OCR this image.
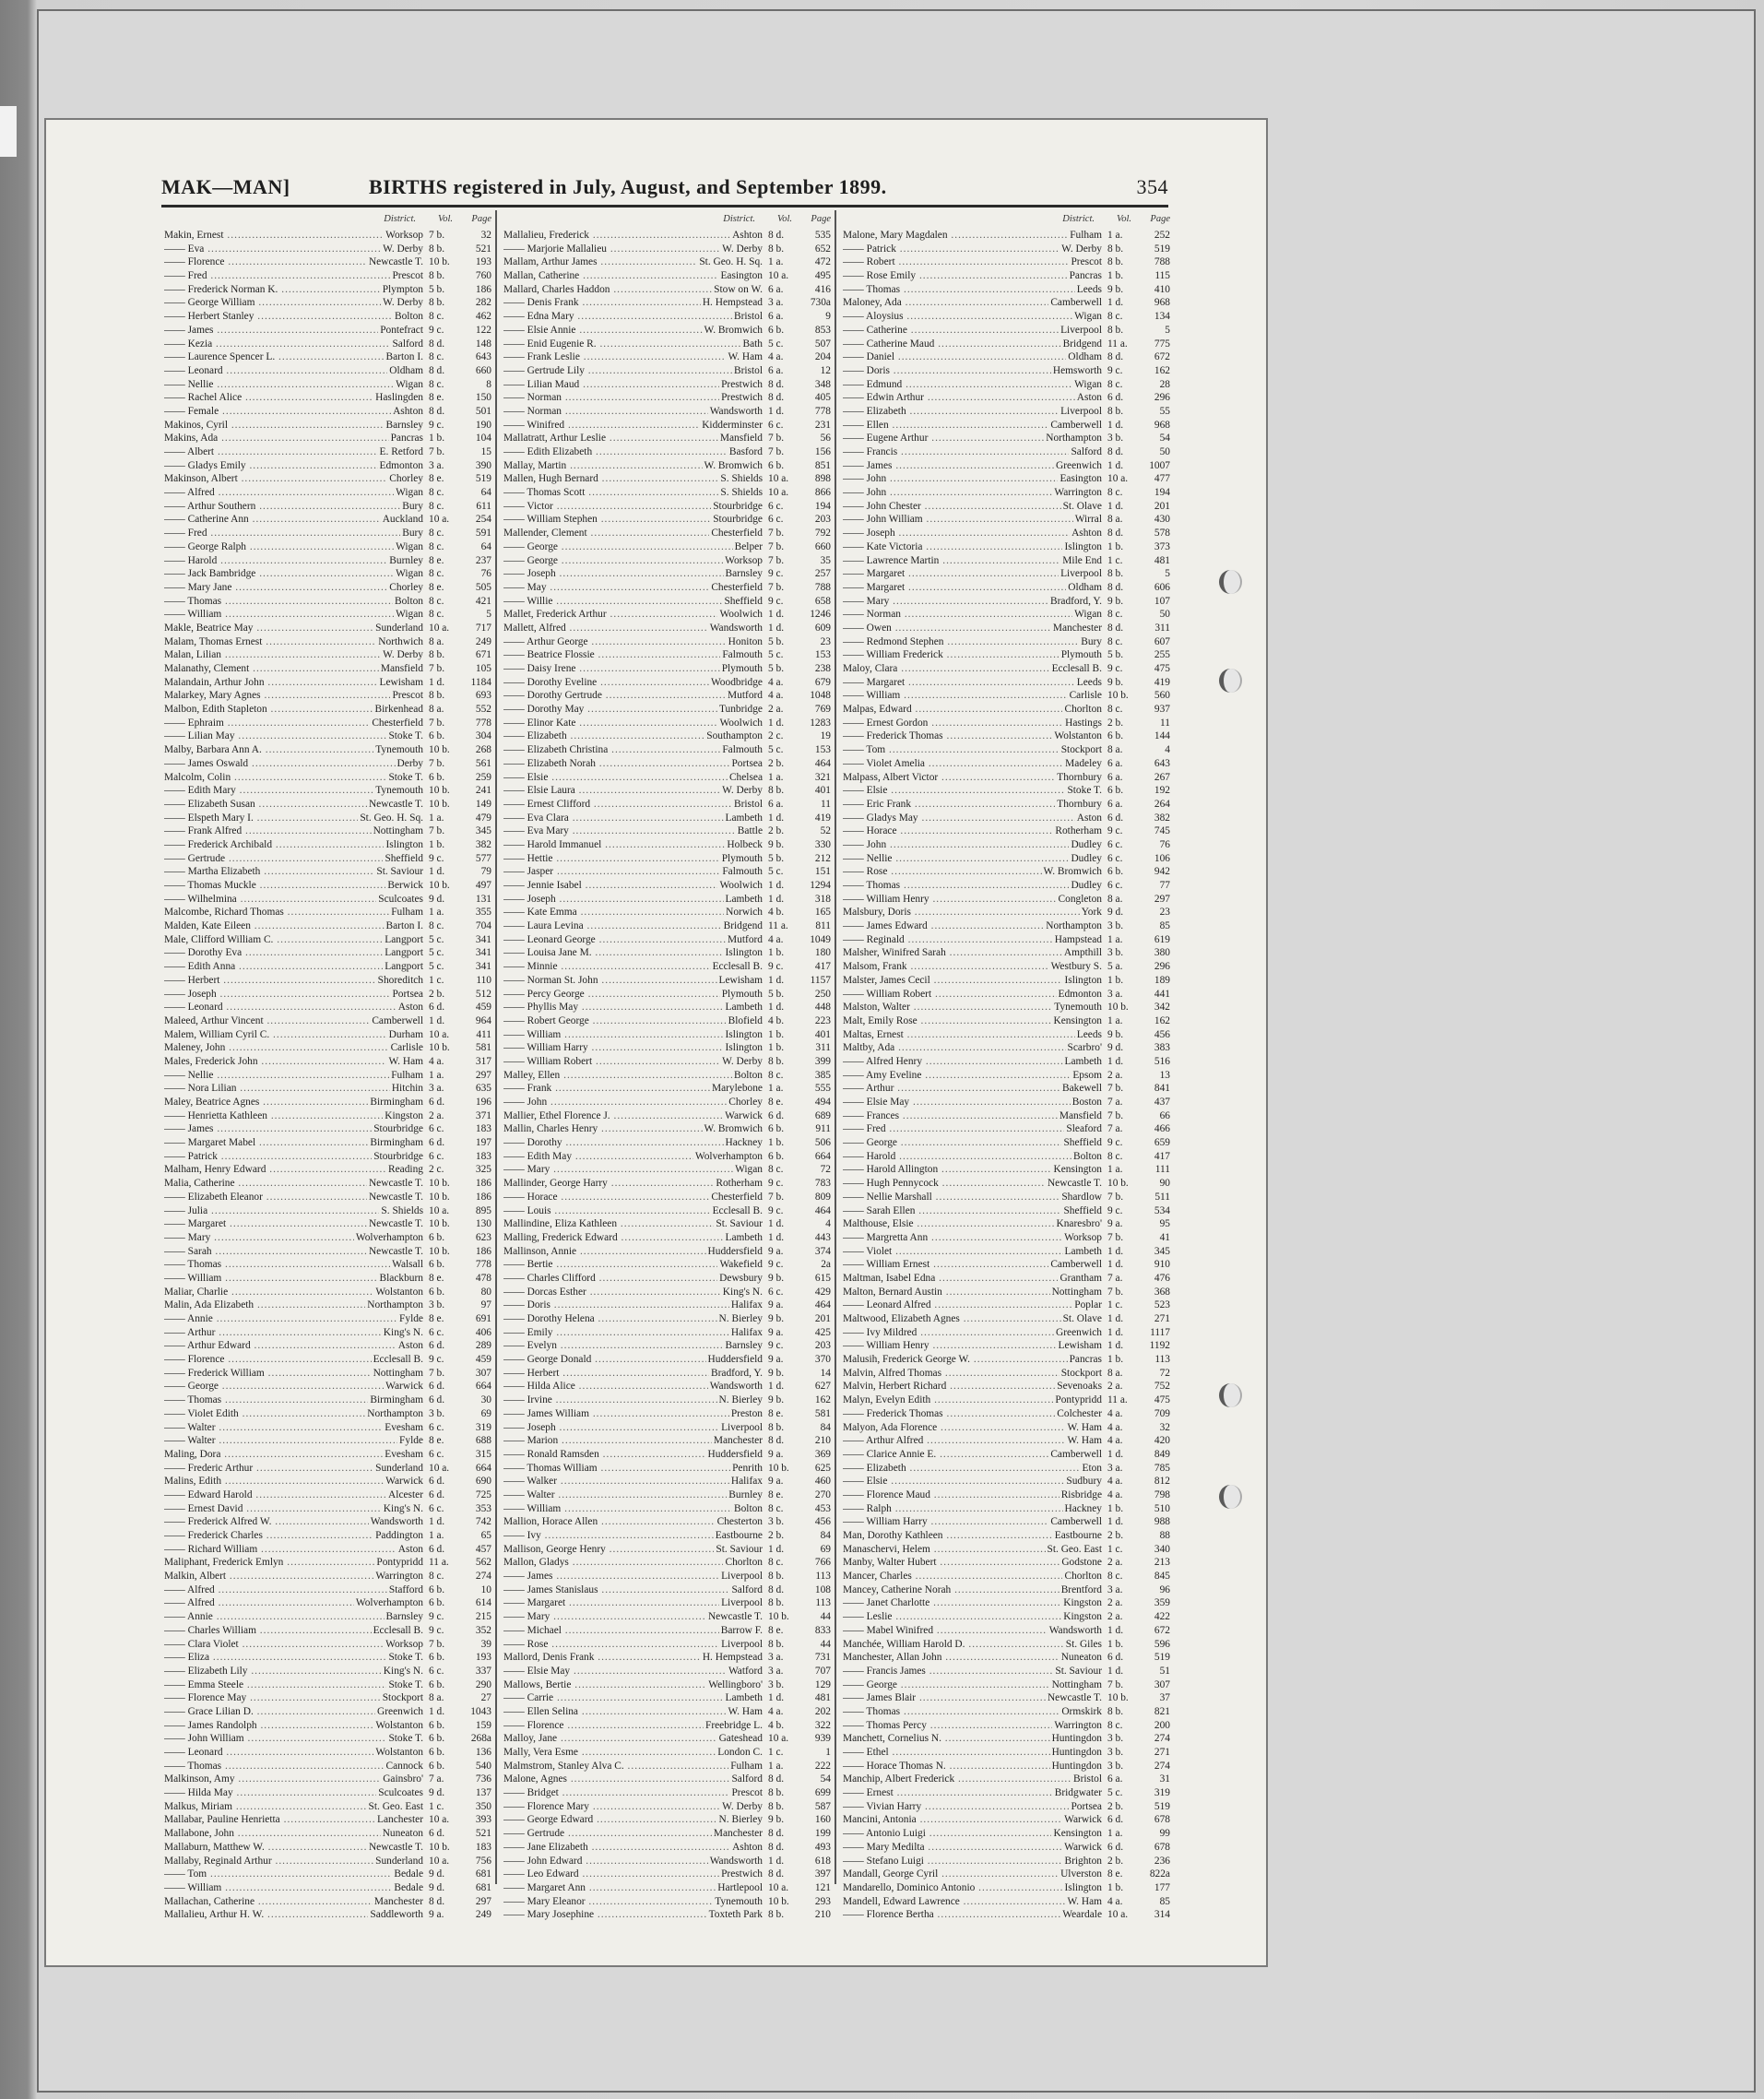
MAK—MAN]	BIRTHS registered in July, August, and September 1899.	354
District. Vol. Page
Makin, Ernest .....	Worksop 7 b.	32
—— Eva .....	W. Derby 8 b.	521
—— Florence .....	Newcastle T. 10 b.	193
—— Fred .....	Prescot 8 b.	760
—— Frederick Norman K. .....	Plympton 5 b.	186
—— George William .....	W. Derby 8 b.	282
—— Herbert Stanley .....	Bolton 8 c.	462
—— James .....	Pontefract 9 c.	122
—— Kezia .....	Salford 8 d.	148
—— Laurence Spencer L. .....	Barton I. 8 c.	643
—— Leonard .....	Oldham 8 d.	660
—— Nellie .....	Wigan 8 c.	8
—— Rachel Alice .....	Haslingden 8 e.	150
—— Female .....	Ashton 8 d.	501
Makinos, Cyril .....	Barnsley 9 c.	190
Makins, Ada .....	Pancras 1 b.	104
—— Albert .....	E. Retford 7 b.	15
—— Gladys Emily .....	Edmonton 3 a.	390
Makinson, Albert .....	Chorley 8 e.	519
—— Alfred .....	Wigan 8 c.	64
—— Arthur Southern .....	Bury 8 c.	611
—— Catherine Ann .....	Auckland 10 a.	254
—— Fred .....	Bury 8 c.	591
—— George Ralph .....	Wigan 8 c.	64
—— Harold .....	Burnley 8 e.	237
—— Jack Bambridge .....	Wigan 8 c.	76
—— Mary Jane .....	Chorley 8 e.	505
—— Thomas .....	Bolton 8 c.	421
—— William .....	Wigan 8 c.	5
Makle, Beatrice May .....	Sunderland 10 a.	717
Malam, Thomas Ernest .....	Northwich 8 a.	249
Malan, Lilian .....	W. Derby 8 b.	671
Malanathy, Clement .....	Mansfield 7 b.	105
Malandain, Arthur John .....	Lewisham 1 d.	1184
Malarkey, Mary Agnes .....	Prescot 8 b.	693
Malbon, Edith Stapleton .....	Birkenhead 8 a.	552
—— Ephraim .....	Chesterfield 7 b.	778
—— Lilian May .....	Stoke T. 6 b.	304
Malby, Barbara Ann A. .....	Tynemouth 10 b.	268
—— James Oswald .....	Derby 7 b.	561
Malcolm, Colin .....	Stoke T. 6 b.	259
—— Edith Mary .....	Tynemouth 10 b.	241
—— Elizabeth Susan .....	Newcastle T. 10 b.	149
—— Elspeth Mary I. .....	St. Geo. H. Sq. 1 a.	479
—— Frank Alfred .....	Nottingham 7 b.	345
—— Frederick Archibald .....	Islington 1 b.	382
—— Gertrude .....	Sheffield 9 c.	577
—— Martha Elizabeth .....	St. Saviour 1 d.	79
—— Thomas Muckle .....	Berwick 10 b.	497
—— Wilhelmina .....	Sculcoates 9 d.	131
Malcombe, Richard Thomas .....	Fulham 1 a.	355
Malden, Kate Eileen .....	Barton I. 8 c.	704
Male, Clifford William C. .....	Langport 5 c.	341
—— Dorothy Eva .....	Langport 5 c.	341
—— Edith Anna .....	Langport 5 c.	341
—— Herbert .....	Shoreditch 1 c.	110
—— Joseph .....	Portsea 2 b.	512
—— Leonard .....	Aston 6 d.	459
Maleed, Arthur Vincent .....	Camberwell 1 d.	964
Malem, William Cyril C. .....	Durham 10 a.	411
Maleney, John .....	Carlisle 10 b.	581
Males, Frederick John .....	W. Ham 4 a.	317
—— Nellie .....	Fulham 1 a.	297
—— Nora Lilian .....	Hitchin 3 a.	635
Maley, Beatrice Agnes .....	Birmingham 6 d.	196
—— Henrietta Kathleen .....	Kingston 2 a.	371
—— James .....	Stourbridge 6 c.	183
—— Margaret Mabel .....	Birmingham 6 d.	197
—— Patrick .....	Stourbridge 6 c.	183
Malham, Henry Edward .....	Reading 2 c.	325
Malia, Catherine .....	Newcastle T. 10 b.	186
—— Elizabeth Eleanor .....	Newcastle T. 10 b.	186
—— Julia .....	S. Shields 10 a.	895
—— Margaret .....	Newcastle T. 10 b.	130
—— Mary .....	Wolverhampton 6 b.	623
—— Sarah .....	Newcastle T. 10 b.	186
—— Thomas .....	Walsall 6 b.	778
—— William .....	Blackburn 8 e.	478
Maliar, Charlie .....	Wolstanton 6 b.	80
Malin, Ada Elizabeth .....	Northampton 3 b.	97
—— Annie .....	Fylde 8 e.	691
—— Arthur .....	King's N. 6 c.	406
—— Arthur Edward .....	Aston 6 d.	289
—— Florence .....	Ecclesall B. 9 c.	459
—— Frederick William .....	Nottingham 7 b.	307
—— George .....	Warwick 6 d.	664
—— Thomas .....	Birmingham 6 d.	30
—— Violet Edith .....	Northampton 3 b.	69
—— Walter .....	Evesham 6 c.	319
—— Walter .....	Fylde 8 e.	688
Maling, Dora .....	Evesham 6 c.	315
—— Frederic Arthur .....	Sunderland 10 a.	664
Malins, Edith .....	Warwick 6 d.	690
—— Edward Harold .....	Alcester 6 d.	725
—— Ernest David .....	King's N. 6 c.	353
—— Frederick Alfred W. .....	Wandsworth 1 d.	742
—— Frederick Charles .....	Paddington 1 a.	65
—— Richard William .....	Aston 6 d.	457
Maliphant, Frederick Emlyn .....	Pontypridd 11 a.	562
Malkin, Albert .....	Warrington 8 c.	274
—— Alfred .....	Stafford 6 b.	10
—— Alfred .....	Wolverhampton 6 b.	614
—— Annie .....	Barnsley 9 c.	215
—— Charles William .....	Ecclesall B. 9 c.	352
—— Clara Violet .....	Worksop 7 b.	39
—— Eliza .....	Stoke T. 6 b.	193
—— Elizabeth Lily .....	King's N. 6 c.	337
—— Emma Steele .....	Stoke T. 6 b.	290
—— Florence May .....	Stockport 8 a.	27
—— Grace Lilian D. .....	Greenwich 1 d.	1043
—— James Randolph .....	Wolstanton 6 b.	159
—— John William .....	Stoke T. 6 b.	268a
—— Leonard .....	Wolstanton 6 b.	136
—— Thomas .....	Cannock 6 b.	540
Malkinson, Amy .....	Gainsbro' 7 a.	736
—— Hilda May .....	Sculcoates 9 d.	137
Malkus, Miriam .....	St. Geo. East 1 c.	350
Mallabar, Pauline Henrietta .....	Lanchester 10 a.	393
Mallabone, John .....	Nuneaton 6 d.	521
Mallaburn, Matthew W. .....	Newcastle T. 10 b.	183
Mallaby, Reginald Arthur .....	Sunderland 10 a.	756
—— Tom .....	Bedale 9 d.	681
—— William .....	Bedale 9 d.	681
Mallachan, Catherine .....	Manchester 8 d.	297
Mallalieu, Arthur H. W. .....	Saddleworth 9 a.	249
District. Vol. Page
Mallalieu, Frederick .....	Ashton 8 d.	535
—— Marjorie Mallalieu .....	W. Derby 8 b.	652
Mallam, Arthur James .....	St. Geo. H. Sq. 1 a.	472
Mallan, Catherine .....	Easington 10 a.	495
Mallard, Charles Haddon .....	Stow on W. 6 a.	416
—— Denis Frank .....	H. Hempstead 3 a.	730a
—— Edna Mary .....	Bristol 6 a.	9
—— Elsie Annie .....	W. Bromwich 6 b.	853
—— Enid Eugenie R. .....	Bath 5 c.	507
—— Frank Leslie .....	W. Ham 4 a.	204
—— Gertrude Lily .....	Bristol 6 a.	12
—— Lilian Maud .....	Prestwich 8 d.	348
—— Norman .....	Prestwich 8 d.	405
—— Norman .....	Wandsworth 1 d.	778
—— Winifred .....	Kidderminster 6 c.	231
Mallatratt, Arthur Leslie .....	Mansfield 7 b.	56
—— Edith Elizabeth .....	Basford 7 b.	156
Mallay, Martin .....	W. Bromwich 6 b.	851
Mallen, Hugh Bernard .....	S. Shields 10 a.	898
—— Thomas Scott .....	S. Shields 10 a.	866
—— Victor .....	Stourbridge 6 c.	194
—— William Stephen .....	Stourbridge 6 c.	203
Mallender, Clement .....	Chesterfield 7 b.	792
—— George .....	Belper 7 b.	660
—— George .....	Worksop 7 b.	35
—— Joseph .....	Barnsley 9 c.	257
—— May .....	Chesterfield 7 b.	788
—— Willie .....	Sheffield 9 c.	658
Mallet, Frederick Arthur .....	Woolwich 1 d.	1246
Mallett, Alfred .....	Wandsworth 1 d.	609
—— Arthur George .....	Honiton 5 b.	23
—— Beatrice Flossie .....	Falmouth 5 c.	153
—— Daisy Irene .....	Plymouth 5 b.	238
—— Dorothy Eveline .....	Woodbridge 4 a.	679
—— Dorothy Gertrude .....	Mutford 4 a.	1048
—— Dorothy May .....	Tunbridge 2 a.	769
—— Elinor Kate .....	Woolwich 1 d.	1283
—— Elizabeth .....	Southampton 2 c.	19
—— Elizabeth Christina .....	Falmouth 5 c.	153
—— Elizabeth Norah .....	Portsea 2 b.	464
—— Elsie .....	Chelsea 1 a.	321
—— Elsie Laura .....	W. Derby 8 b.	401
—— Ernest Clifford .....	Bristol 6 a.	11
—— Eva Clara .....	Lambeth 1 d.	419
—— Eva Mary .....	Battle 2 b.	52
—— Harold Immanuel .....	Holbeck 9 b.	330
—— Hettie .....	Plymouth 5 b.	212
—— Jasper .....	Falmouth 5 c.	151
—— Jennie Isabel .....	Woolwich 1 d.	1294
—— Joseph .....	Lambeth 1 d.	318
—— Kate Emma .....	Norwich 4 b.	165
—— Laura Levina .....	Bridgend 11 a.	811
—— Leonard George .....	Mutford 4 a.	1049
—— Louisa Jane M. .....	Islington 1 b.	180
—— Minnie .....	Ecclesall B. 9 c.	417
—— Norman St. John .....	Lewisham 1 d.	1157
—— Percy George .....	Plymouth 5 b.	250
—— Phyllis May .....	Lambeth 1 d.	448
—— Robert George .....	Blofield 4 b.	223
—— William .....	Islington 1 b.	401
—— William Harry .....	Islington 1 b.	311
—— William Robert .....	W. Derby 8 b.	399
Malley, Ellen .....	Bolton 8 c.	385
—— Frank .....	Marylebone 1 a.	555
—— John .....	Chorley 8 e.	494
Mallier, Ethel Florence J. .....	Warwick 6 d.	689
Mallin, Charles Henry .....	W. Bromwich 6 b.	911
—— Dorothy .....	Hackney 1 b.	506
—— Edith May .....	Wolverhampton 6 b.	664
—— Mary .....	Wigan 8 c.	72
Mallinder, George Harry .....	Rotherham 9 c.	783
—— Horace .....	Chesterfield 7 b.	809
—— Louis .....	Ecclesall B. 9 c.	464
Mallindine, Eliza Kathleen .....	St. Saviour 1 d.	4
Malling, Frederick Edward .....	Lambeth 1 d.	443
Mallinson, Annie .....	Huddersfield 9 a.	374
—— Bertie .....	Wakefield 9 c.	2a
—— Charles Clifford .....	Dewsbury 9 b.	615
—— Dorcas Esther .....	King's N. 6 c.	429
—— Doris .....	Halifax 9 a.	464
—— Dorothy Helena .....	N. Bierley 9 b.	201
—— Emily .....	Halifax 9 a.	425
—— Evelyn .....	Barnsley 9 c.	203
—— George Donald .....	Huddersfield 9 a.	370
—— Herbert .....	Bradford, Y. 9 b.	14
—— Hilda Alice .....	Wandsworth 1 d.	627
—— Irvine .....	N. Bierley 9 b.	162
—— James William .....	Preston 8 e.	581
—— Joseph .....	Liverpool 8 b.	84
—— Marion .....	Manchester 8 d.	210
—— Ronald Ramsden .....	Huddersfield 9 a.	369
—— Thomas William .....	Penrith 10 b.	625
—— Walker .....	Halifax 9 a.	460
—— Walter .....	Burnley 8 e.	270
—— William .....	Bolton 8 c.	453
Mallion, Horace Allen .....	Chesterton 3 b.	456
—— Ivy .....	Eastbourne 2 b.	84
Mallison, George Henry .....	St. Saviour 1 d.	69
Mallon, Gladys .....	Chorlton 8 c.	766
—— James .....	Liverpool 8 b.	113
—— James Stanislaus .....	Salford 8 d.	108
—— Margaret .....	Liverpool 8 b.	113
—— Mary .....	Newcastle T. 10 b.	44
—— Michael .....	Barrow F. 8 e.	833
—— Rose .....	Liverpool 8 b.	44
Mallord, Denis Frank .....	H. Hempstead 3 a.	731
—— Elsie May .....	Watford 3 a.	707
Mallows, Bertie .....	Wellingboro' 3 b.	129
—— Carrie .....	Lambeth 1 d.	481
—— Ellen Selina .....	W. Ham 4 a.	202
—— Florence .....	Freebridge L. 4 b.	322
Malloy, Jane .....	Gateshead 10 a.	939
Mally, Vera Esme .....	London C. 1 c.	1
Malmstrom, Stanley Alva C. .....	Fulham 1 a.	222
Malone, Agnes .....	Salford 8 d.	54
—— Bridget .....	Prescot 8 b.	699
—— Florence Mary .....	W. Derby 8 b.	587
—— George Edward .....	N. Bierley 9 b.	160
—— Gertrude .....	Manchester 8 d.	199
—— Jane Elizabeth .....	Ashton 8 d.	493
—— John Edward .....	Wandsworth 1 d.	618
—— Leo Edward .....	Prestwich 8 d.	397
—— Margaret Ann .....	Hartlepool 10 a.	121
—— Mary Eleanor .....	Tynemouth 10 b.	293
—— Mary Josephine .....	Toxteth Park 8 b.	210
District. Vol. Page
Malone, Mary Magdalen .....	Fulham 1 a.	252
—— Patrick .....	W. Derby 8 b.	519
—— Robert .....	Prescot 8 b.	788
—— Rose Emily .....	Pancras 1 b.	115
—— Thomas .....	Leeds 9 b.	410
Maloney, Ada .....	Camberwell 1 d.	968
—— Aloysius .....	Wigan 8 c.	134
—— Catherine .....	Liverpool 8 b.	5
—— Catherine Maud .....	Bridgend 11 a.	775
—— Daniel .....	Oldham 8 d.	672
—— Doris .....	Hemsworth 9 c.	162
—— Edmund .....	Wigan 8 c.	28
—— Edwin Arthur .....	Aston 6 d.	296
—— Elizabeth .....	Liverpool 8 b.	55
—— Ellen .....	Camberwell 1 d.	968
—— Eugene Arthur .....	Northampton 3 b.	54
—— Francis .....	Salford 8 d.	50
—— James .....	Greenwich 1 d.	1007
—— John .....	Easington 10 a.	477
—— John .....	Warrington 8 c.	194
—— John Chester .....	St. Olave 1 d.	201
—— John William .....	Wirral 8 a.	430
—— Joseph .....	Ashton 8 d.	578
—— Kate Victoria .....	Islington 1 b.	373
—— Lawrence Martin .....	Mile End 1 c.	481
—— Margaret .....	Liverpool 8 b.	5
—— Margaret .....	Oldham 8 d.	606
—— Mary .....	Bradford, Y. 9 b.	107
—— Norman .....	Wigan 8 c.	50
—— Owen .....	Manchester 8 d.	311
—— Redmond Stephen .....	Bury 8 c.	607
—— William Frederick .....	Plymouth 5 b.	255
Maloy, Clara .....	Ecclesall B. 9 c.	475
—— Margaret .....	Leeds 9 b.	419
—— William .....	Carlisle 10 b.	560
Malpas, Edward .....	Chorlton 8 c.	937
—— Ernest Gordon .....	Hastings 2 b.	11
—— Frederick Thomas .....	Wolstanton 6 b.	144
—— Tom .....	Stockport 8 a.	4
—— Violet Amelia .....	Madeley 6 a.	643
Malpass, Albert Victor .....	Thornbury 6 a.	267
—— Elsie .....	Stoke T. 6 b.	192
—— Eric Frank .....	Thornbury 6 a.	264
—— Gladys May .....	Aston 6 d.	382
—— Horace .....	Rotherham 9 c.	745
—— John .....	Dudley 6 c.	76
—— Nellie .....	Dudley 6 c.	106
—— Rose .....	W. Bromwich 6 b.	942
—— Thomas .....	Dudley 6 c.	77
—— William Henry .....	Congleton 8 a.	297
Malsbury, Doris .....	York 9 d.	23
—— James Edward .....	Northampton 3 b.	85
—— Reginald .....	Hampstead 1 a.	619
Malsher, Winifred Sarah .....	Ampthill 3 b.	380
Malsom, Frank .....	Westbury S. 5 a.	296
Malster, James Cecil .....	Islington 1 b.	189
—— William Robert .....	Edmonton 3 a.	441
Malston, Walter .....	Tynemouth 10 b.	342
Malt, Emily Rose .....	Kensington 1 a.	162
Maltas, Ernest .....	Leeds 9 b.	456
Maltby, Ada .....	Scarbro' 9 d.	383
—— Alfred Henry .....	Lambeth 1 d.	516
—— Amy Eveline .....	Epsom 2 a.	13
—— Arthur .....	Bakewell 7 b.	841
—— Elsie May .....	Boston 7 a.	437
—— Frances .....	Mansfield 7 b.	66
—— Fred .....	Sleaford 7 a.	466
—— George .....	Sheffield 9 c.	659
—— Harold .....	Bolton 8 c.	417
—— Harold Allington .....	Kensington 1 a.	111
—— Hugh Pennycock .....	Newcastle T. 10 b.	90
—— Nellie Marshall .....	Shardlow 7 b.	511
—— Sarah Ellen .....	Sheffield 9 c.	534
Malthouse, Elsie .....	Knaresbro' 9 a.	95
—— Margretta Ann .....	Worksop 7 b.	41
—— Violet .....	Lambeth 1 d.	345
—— William Ernest .....	Camberwell 1 d.	910
Maltman, Isabel Edna .....	Grantham 7 a.	476
Malton, Bernard Austin .....	Nottingham 7 b.	368
—— Leonard Alfred .....	Poplar 1 c.	523
Maltwood, Elizabeth Agnes .....	St. Olave 1 d.	271
—— Ivy Mildred .....	Greenwich 1 d.	1117
—— William Henry .....	Lewisham 1 d.	1192
Malusih, Frederick George W. .....	Pancras 1 b.	113
Malvin, Alfred Thomas .....	Stockport 8 a.	72
Malvin, Herbert Richard .....	Sevenoaks 2 a.	752
Malyn, Evelyn Edith .....	Pontypridd 11 a.	475
—— Frederick Thomas .....	Colchester 4 a.	709
Malyon, Ada Florence .....	W. Ham 4 a.	32
—— Arthur Alfred .....	W. Ham 4 a.	420
—— Clarice Annie E. .....	Camberwell 1 d.	849
—— Elizabeth .....	Eton 3 a.	785
—— Elsie .....	Sudbury 4 a.	812
—— Florence Maud .....	Risbridge 4 a.	798
—— Ralph .....	Hackney 1 b.	510
—— William Harry .....	Camberwell 1 d.	988
Man, Dorothy Kathleen .....	Eastbourne 2 b.	88
Manaschervi, Helem .....	St. Geo. East 1 c.	340
Manby, Walter Hubert .....	Godstone 2 a.	213
Mancer, Charles .....	Chorlton 8 c.	845
Mancey, Catherine Norah .....	Brentford 3 a.	96
—— Janet Charlotte .....	Kingston 2 a.	359
—— Leslie .....	Kingston 2 a.	422
—— Mabel Winifred .....	Wandsworth 1 d.	672
Manchée, William Harold D. .....	St. Giles 1 b.	596
Manchester, Allan John .....	Nuneaton 6 d.	519
—— Francis James .....	St. Saviour 1 d.	51
—— George .....	Nottingham 7 b.	307
—— James Blair .....	Newcastle T. 10 b.	37
—— Thomas .....	Ormskirk 8 b.	821
—— Thomas Percy .....	Warrington 8 c.	200
Manchett, Cornelius N. .....	Huntingdon 3 b.	274
—— Ethel .....	Huntingdon 3 b.	271
—— Horace Thomas N. .....	Huntingdon 3 b.	274
Manchip, Albert Frederick .....	Bristol 6 a.	31
—— Ernest .....	Bridgwater 5 c.	319
—— Vivian Harry .....	Portsea 2 b.	519
Mancini, Antonia .....	Warwick 6 d.	678
—— Antonio Luigi .....	Kensington 1 a.	99
—— Mary Medilta .....	Warwick 6 d.	678
—— Stefano Luigi .....	Brighton 2 b.	236
Mandall, George Cyril .....	Ulverston 8 e.	822a
Mandarello, Dominico Antonio .....	Islington 1 b.	177
Mandell, Edward Lawrence .....	W. Ham 4 a.	85
—— Florence Bertha .....	Weardale 10 a.	314
